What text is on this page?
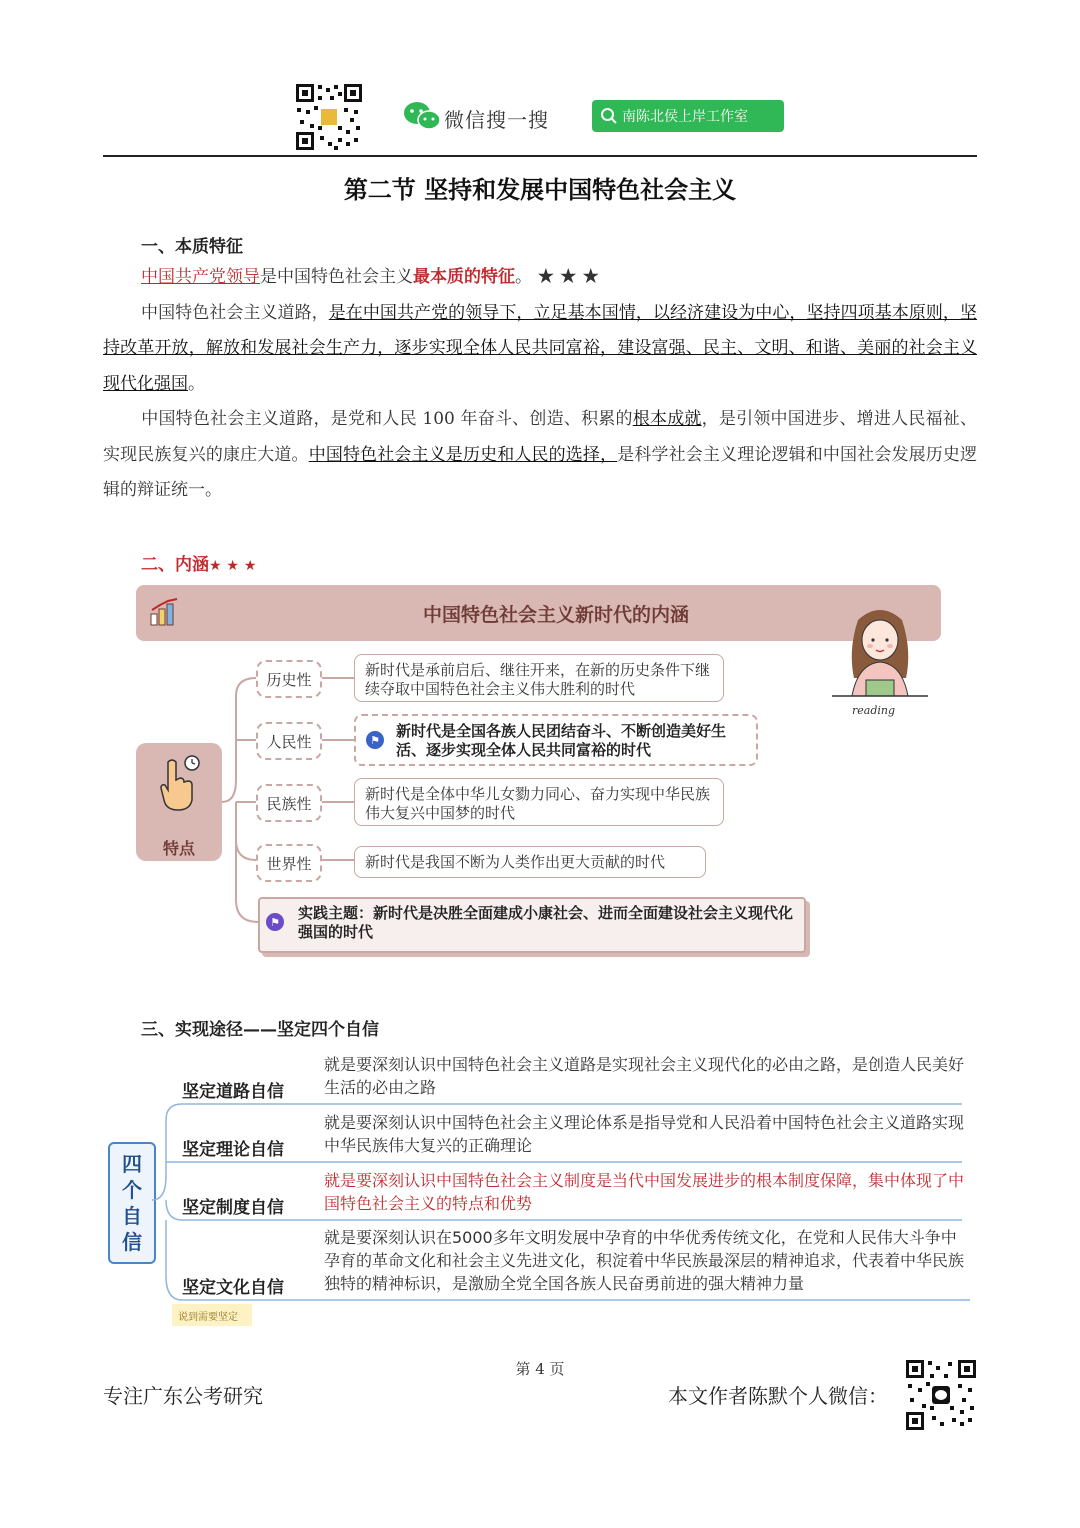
微信搜一搜	南陈北侯上岸工作室
第二节 坚持和发展中国特色社会主义
一、本质特征
中国共产党领导是中国特色社会主义最本质的特征。 ★ ★ ★
中国特色社会主义道路，是在中国共产党的领导下，立足基本国情，以经济建设为中心，坚持四项基本原则，坚持改革开放，解放和发展社会生产力，逐步实现全体人民共同富裕，建设富强、民主、文明、和谐、美丽的社会主义现代化强国。
中国特色社会主义道路，是党和人民 100 年奋斗、创造、积累的根本成就，是引领中国进步、增进人民福祉、实现民族复兴的康庄大道。中国特色社会主义是历史和人民的选择，是科学社会主义理论逻辑和中国社会发展历史逻辑的辩证统一。
二、内涵★ ★ ★
中国特色社会主义新时代的内涵
reading
特点
历史性
人民性
民族性
世界性
新时代是承前启后、继往开来，在新的历史条件下继续夺取中国特色社会主义伟大胜利的时代
新时代是全国各族人民团结奋斗、不断创造美好生活、逐步实现全体人民共同富裕的时代
⚑
新时代是全体中华儿女勠力同心、奋力实现中华民族伟大复兴中国梦的时代
新时代是我国不断为人类作出更大贡献的时代
⚑ 实践主题：新时代是决胜全面建成小康社会、进而全面建设社会主义现代化强国的时代
三、实现途径——坚定四个自信
四
个
自
信
坚定道路自信
就是要深刻认识中国特色社会主义道路是实现社会主义现代化的必由之路，是创造人民美好生活的必由之路
坚定理论自信
就是要深刻认识中国特色社会主义理论体系是指导党和人民沿着中国特色社会主义道路实现中华民族伟大复兴的正确理论
坚定制度自信
就是要深刻认识中国特色社会主义制度是当代中国发展进步的根本制度保障，集中体现了中国特色社会主义的特点和优势
坚定文化自信
就是要深刻认识在5000多年文明发展中孕育的中华优秀传统文化，在党和人民伟大斗争中孕育的革命文化和社会主义先进文化，积淀着中华民族最深层的精神追求，代表着中华民族独特的精神标识，是激励全党全国各族人民奋勇前进的强大精神力量
说到需要坚定
第 4 页
专注广东公考研究	本文作者陈默个人微信：
